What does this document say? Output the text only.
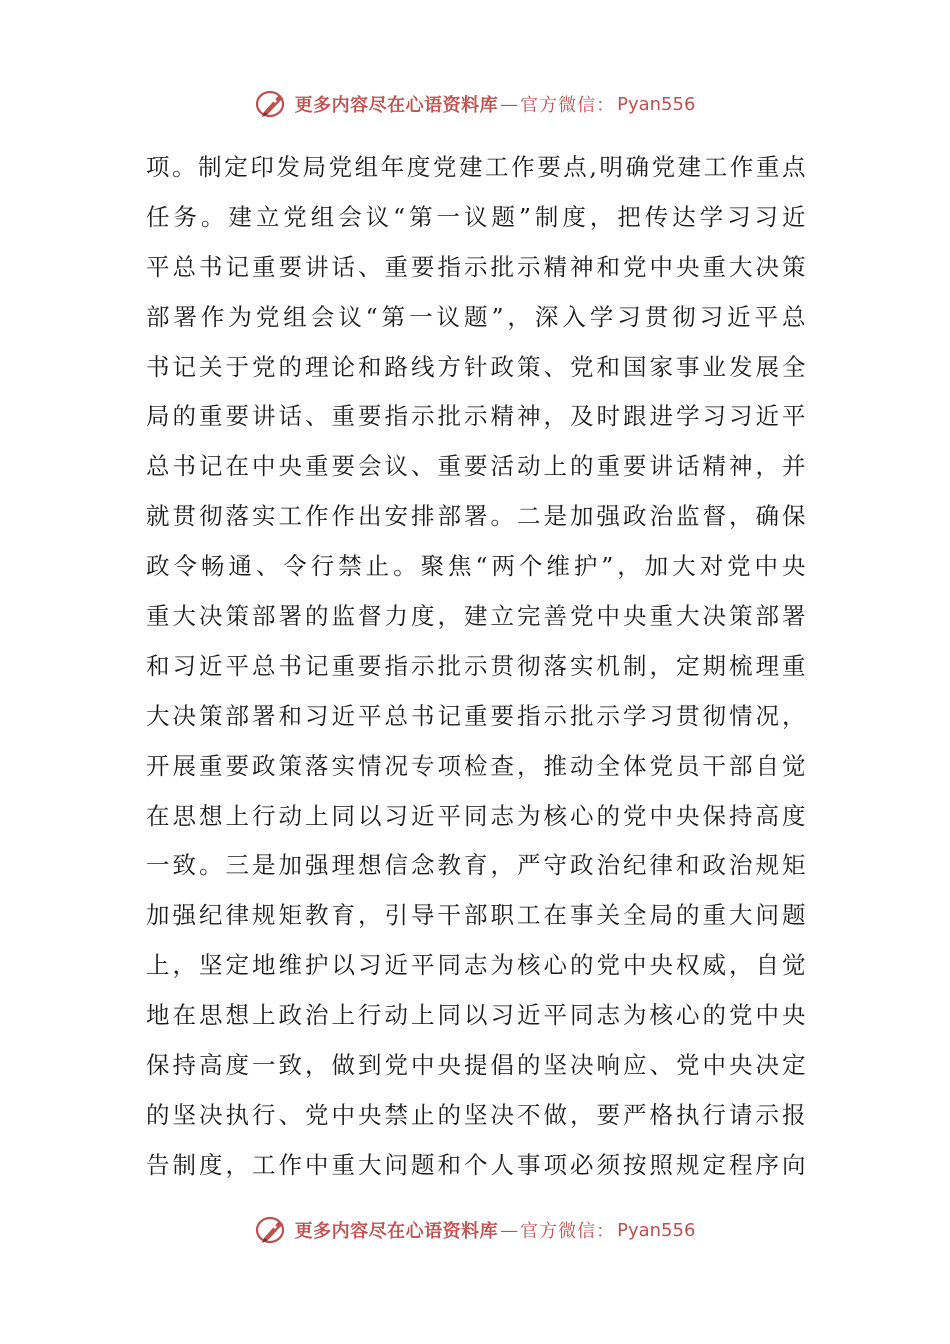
更多内容尽在心语资料库 — 官方微信： Pyan556
项。制定印发局党组年度党建工作要点,明确党建工作重点
任务。建立党组会议“第一议题”制度，把传达学习习近
平总书记重要讲话、重要指示批示精神和党中央重大决策
部署作为党组会议“第一议题”，深入学习贯彻习近平总
书记关于党的理论和路线方针政策、党和国家事业发展全
局的重要讲话、重要指示批示精神，及时跟进学习习近平
总书记在中央重要会议、重要活动上的重要讲话精神，并
就贯彻落实工作作出安排部署。二是加强政治监督，确保
政令畅通、令行禁止。聚焦“两个维护”，加大对党中央
重大决策部署的监督力度，建立完善党中央重大决策部署
和习近平总书记重要指示批示贯彻落实机制，定期梳理重
大决策部署和习近平总书记重要指示批示学习贯彻情况，
开展重要政策落实情况专项检查，推动全体党员干部自觉
在思想上行动上同以习近平同志为核心的党中央保持高度
一致。三是加强理想信念教育，严守政治纪律和政治规矩
加强纪律规矩教育，引导干部职工在事关全局的重大问题
上，坚定地维护以习近平同志为核心的党中央权威，自觉
地在思想上政治上行动上同以习近平同志为核心的党中央
保持高度一致，做到党中央提倡的坚决响应、党中央决定
的坚决执行、党中央禁止的坚决不做，要严格执行请示报
告制度，工作中重大问题和个人事项必须按照规定程序向
更多内容尽在心语资料库 — 官方微信： Pyan556
